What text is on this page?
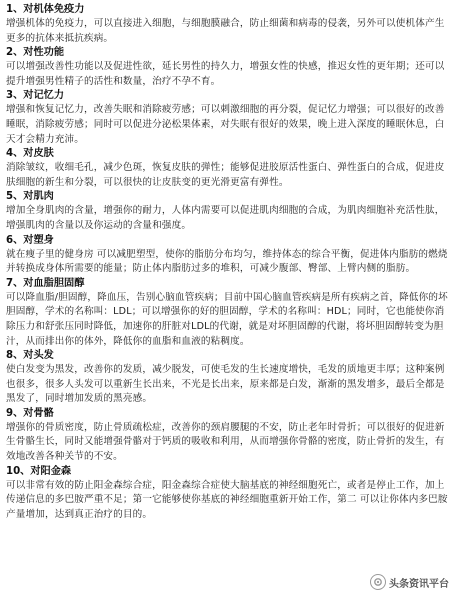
1、对机体免疫力
增强机体的免疫力，可以直接进入细胞，与细胞膜融合，防止细菌和病毒的侵袭，另外可以使机体产生更多的抗体来抵抗疾病。
2、对性功能
可以增强改善性功能以及促进性欲，延长男性的持久力，增强女性的快感，推迟女性的更年期；还可以提升增强男性精子的活性和数量，治疗不孕不育。
3、对记忆力
增强和恢复记忆力，改善失眠和消除疲劳感；可以刺激细胞的再分裂，促记忆力增强；可以很好的改善睡眠，消除疲劳感；同时可以促进分泌松果体素，对失眠有很好的效果，晚上进入深度的睡眠休息，白天才会精力充沛。
4、对皮肤
消除皱纹，收细毛孔，减少色斑，恢复皮肤的弹性；能够促进胶原活性蛋白、弹性蛋白的合成，促进皮肤细胞的新生和分裂，可以很快的让皮肤变的更光滑更富有弹性。
5、对肌肉
增加全身肌肉的含量，增强你的耐力，人体内需要可以促进肌肉细胞的合成，为肌肉细胞补充活性肽，增强肌肉的含量以及你运动的含量和强度。
6、对塑身
就在瘦子里的健身房 可以减肥塑型，使你的脂肪分布均匀，维持体态的综合平衡，促进体内脂肪的燃烧并转换成身体所需要的能量；防止体内脂肪过多的堆积，可减少腹部、臀部、上臂内侧的脂肪。
7、对血脂胆固醇
可以降血脂/胆固醇，降血压，告别心脑血管疾病；目前中国心脑血管疾病是所有疾病之首，降低你的坏胆固醇，学术的名称叫：LDL；可以增强你的好的胆固醇，学术的名称叫：HDL；同时，它也能使你消除压力和舒张压同时降低，加速你的肝脏对LDL的代谢，就是对坏胆固醇的代谢，将坏胆固醇转变为胆汁，从而排出你的体外，降低你的血脂和血液的粘稠度。
8、对头发
使白发变为黑发，改善你的发质，减少脱发，可使毛发的生长速度增快，毛发的质地更丰厚；这种案例也很多，很多人头发可以重新生长出来，不光是长出来，原来都是白发，渐渐的黑发增多，最后全都是黑发了，同时增加发质的黑亮感。
9、对骨骼
增强你的骨质密度，防止骨质疏松症，改善你的颈肩腰腿的不安，防止老年时骨折；可以很好的促进新生骨骼生长，同时又能增强骨骼对于钙质的吸收和利用，从而增强你骨骼的密度，防止骨折的发生，有效地改善各种关节的不安。
10、对阳金森
可以非常有效的防止阳金森综合症，阳金森综合症使大脑基底的神经细胞死亡，或者是停止工作，加上传递信息的多巴胺严重不足；第一它能够使你基底的神经细胞重新开始工作，第二 可以让你体内多巴胺产量增加，达到真正治疗的目的。
头条资讯平台
